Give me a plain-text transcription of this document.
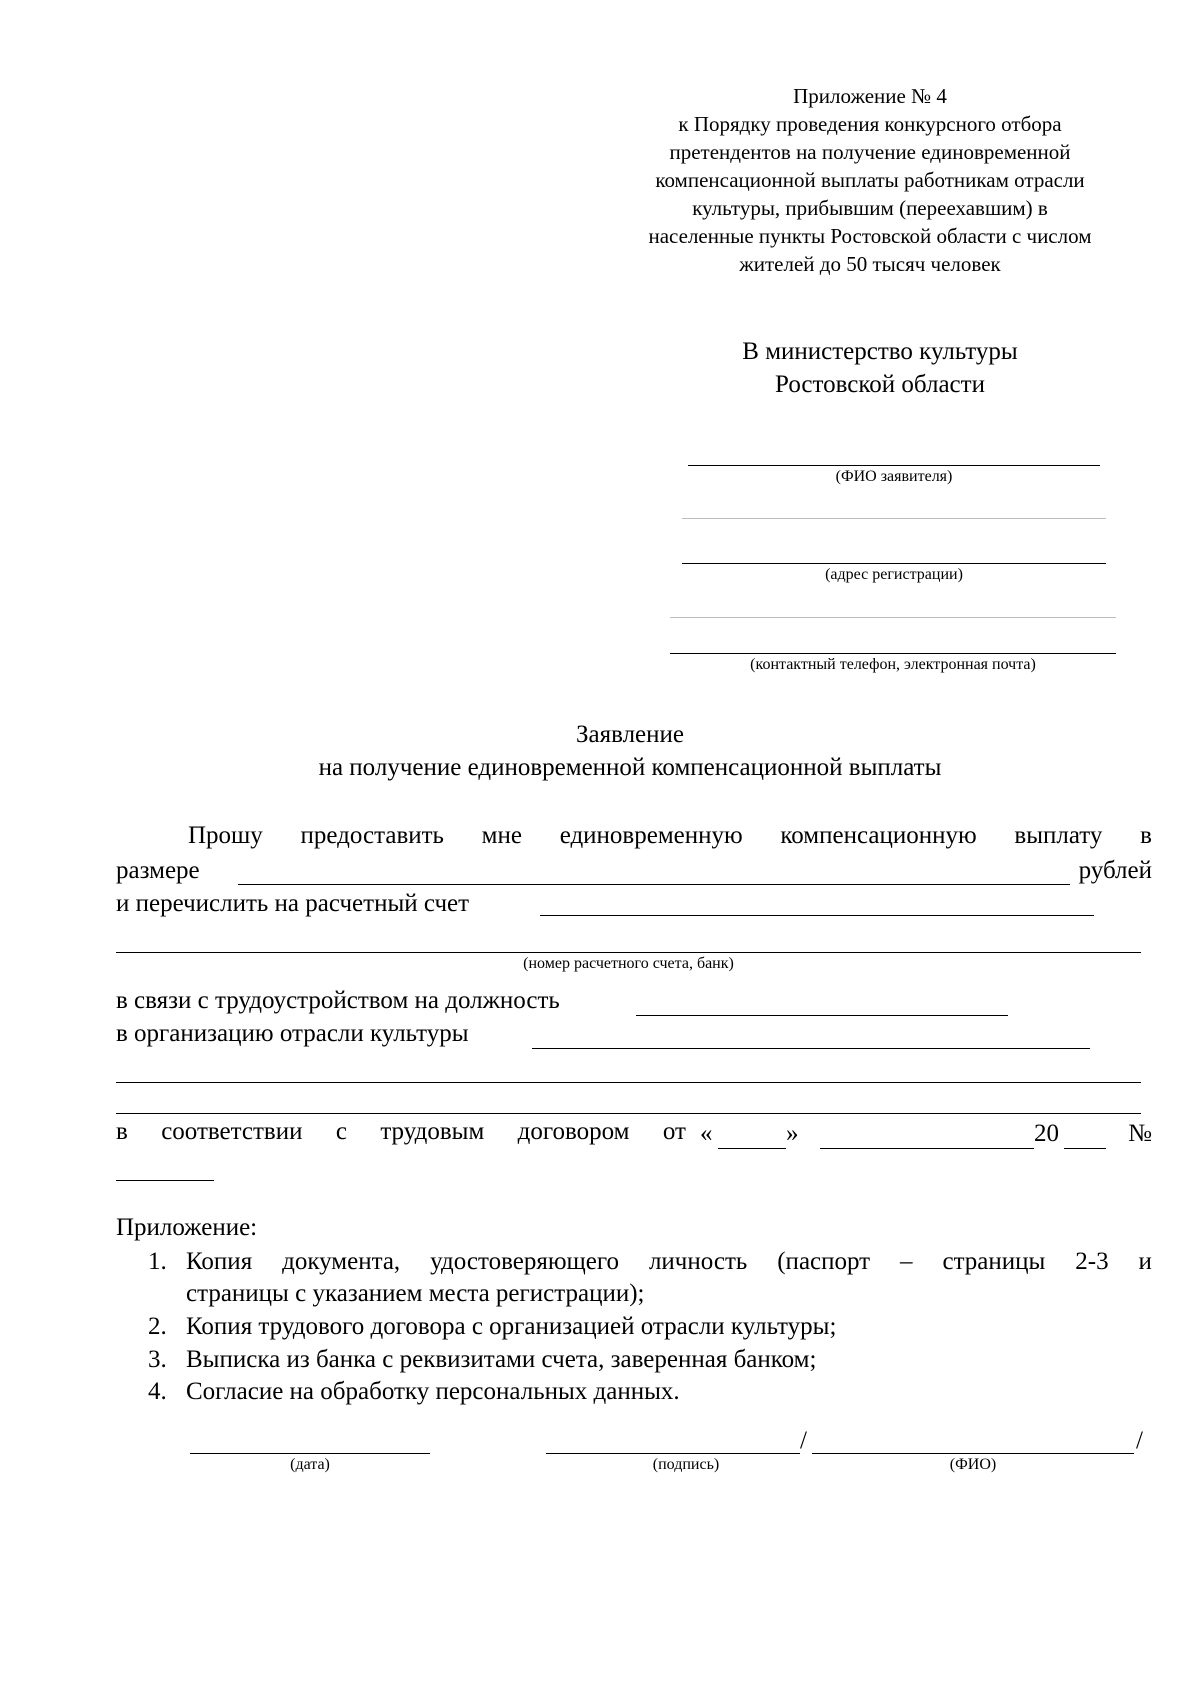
Приложение № 4
к Порядку проведения конкурсного отбора
претендентов на получение единовременной
компенсационной выплаты работникам отрасли
культуры, прибывшим (переехавшим) в
населенные пункты Ростовской области с числом
жителей до 50 тысяч человек
В министерство культуры
Ростовской области
(ФИО заявителя)
(адрес регистрации)
(контактный телефон, электронная почта)
Заявление
на получение единовременной компенсационной выплаты
Прошу предоставить мне единовременную компенсационную выплату в
размере	рублей
и перечислить на расчетный счет
(номер расчетного счета, банк)
в связи с трудоустройством на должность
в организацию отрасли культуры
в соответствии с трудовым договором от «	»	20	№
Приложение:
1. Копия документа, удостоверяющего личность (паспорт – страницы 2-3 и
страницы с указанием места регистрации);
2. Копия трудового договора с организацией отрасли культуры;
3. Выписка из банка с реквизитами счета, заверенная банком;
4. Согласие на обработку персональных данных.
(дата)
/
(подпись)
/
(ФИО)
